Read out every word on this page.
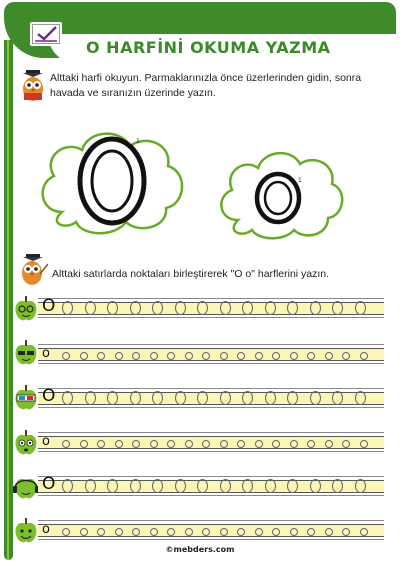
O HARFİNİ OKUMA YAZMA
Alttaki harfi okuyun. Parmaklarınızla önce üzerlerinden gidin, sonra havada ve sıranızın üzerinde yazın.
1
1
Alttaki satırlarda noktaları birleştirerek "O o" harflerini yazın.
O
o
O
o
O
o
©mebders.com
